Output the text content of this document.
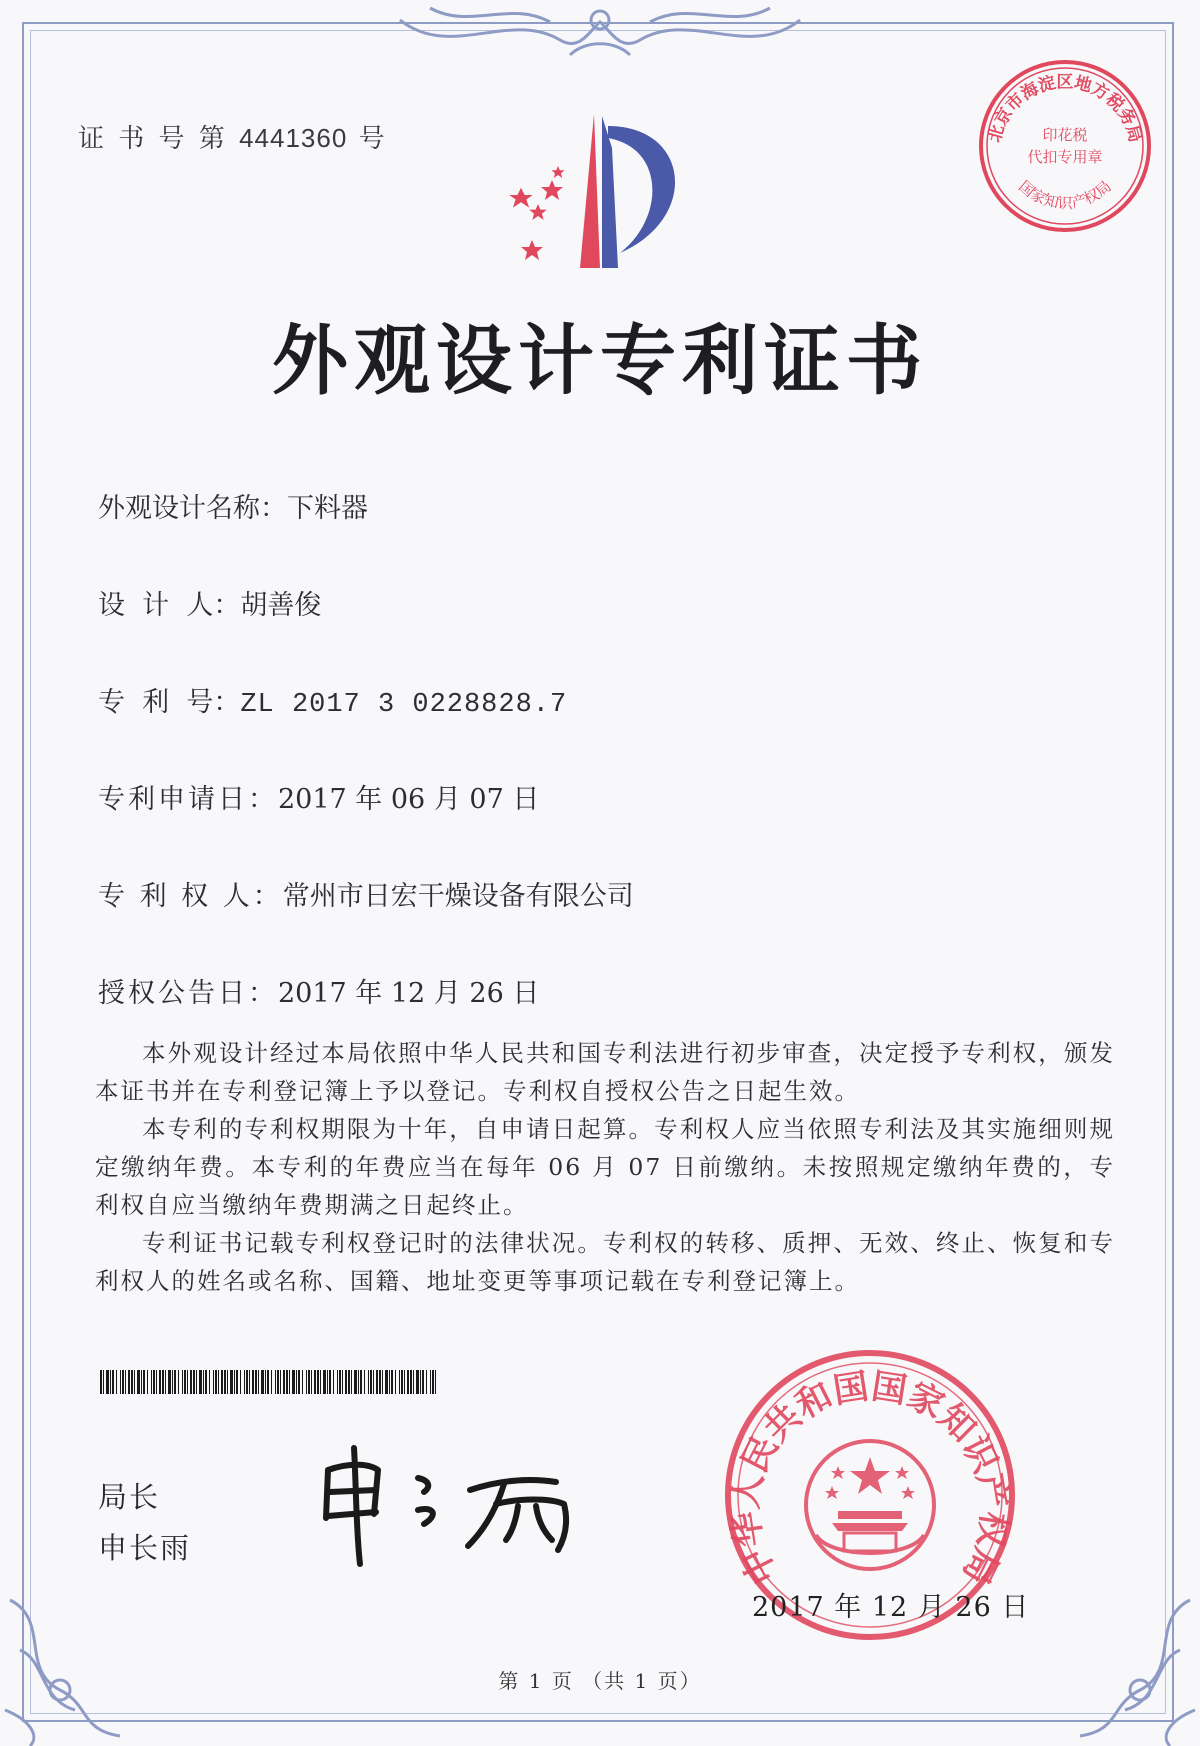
证 书 号 第 4441360 号	北京市海淀区地方税务局
国家知识产权局
印花税
代扣专用章
外观设计专利证书
外观设计名称：下料器
设  计  人：胡善俊
专  利  号：ZL 2017 3 0228828.7
专利申请日：2017 年 06 月 07 日
专 利 权 人：常州市日宏干燥设备有限公司
授权公告日：2017 年 12 月 26 日

本外观设计经过本局依照中华人民共和国专利法进行初步审查，决定授予专利权，颁发本证书并在专利登记簿上予以登记。专利权自授权公告之日起生效。

本专利的专利权期限为十年，自申请日起算。专利权人应当依照专利法及其实施细则规定缴纳年费。本专利的年费应当在每年 06 月 07 日前缴纳。未按照规定缴纳年费的，专利权自应当缴纳年费期满之日起终止。

专利证书记载专利权登记时的法律状况。专利权的转移、质押、无效、终止、恢复和专利权人的姓名或名称、国籍、地址变更等事项记载在专利登记簿上。

局长
申长雨	中华人民共和国国家知识产权局
2017 年 12 月 26 日
第 1 页 （共 1 页）
